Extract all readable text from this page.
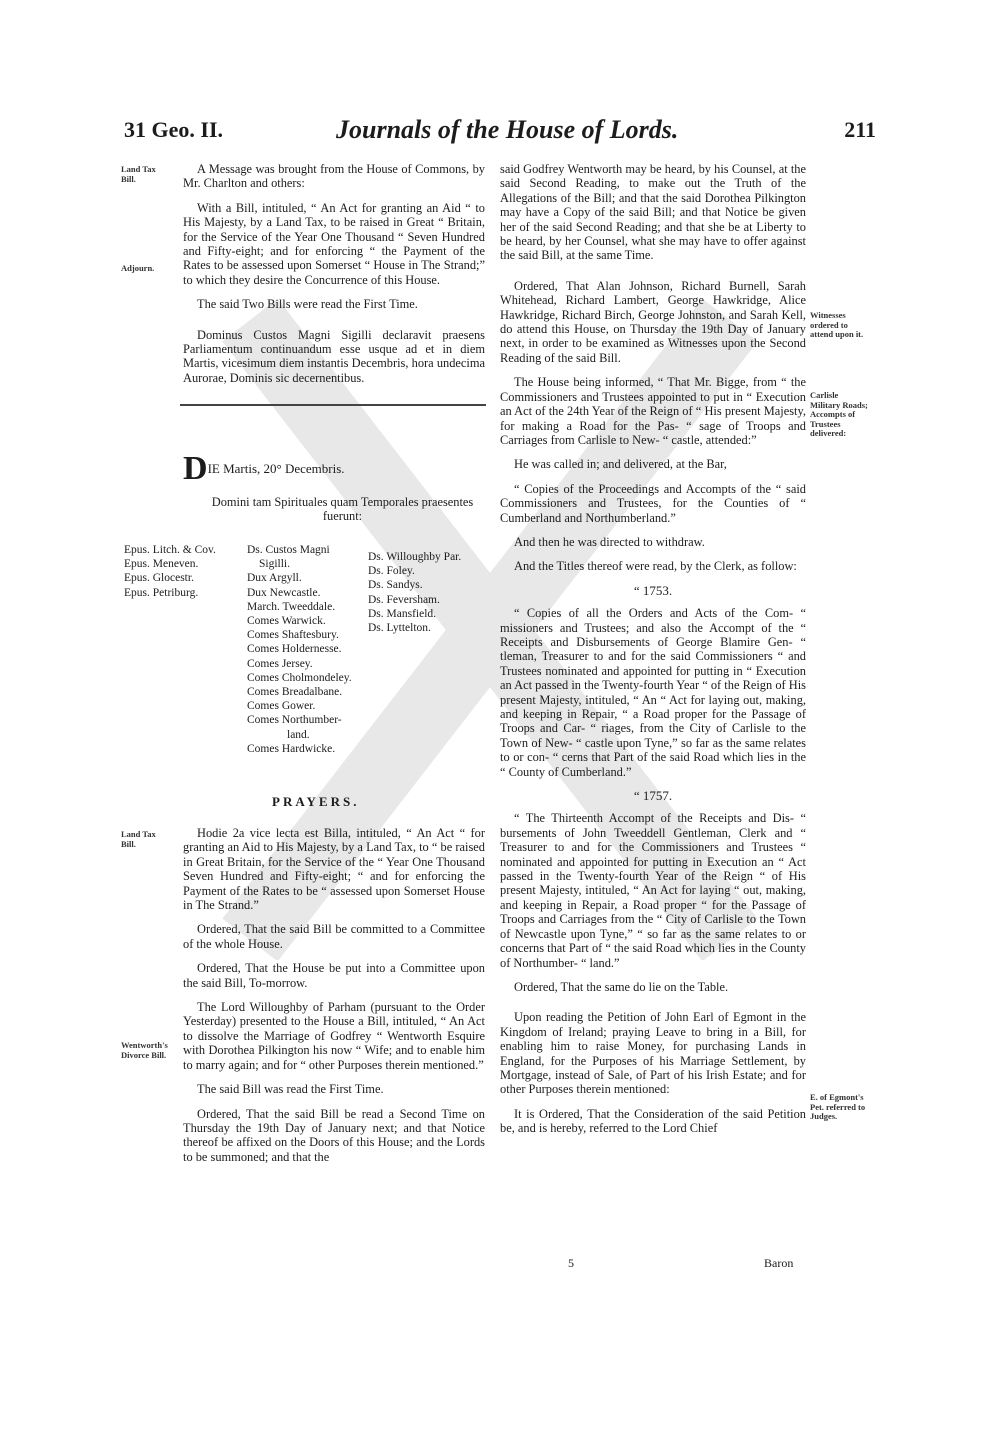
31 Geo. II.	Journals of the House of Lords.	211
Land Tax Bill.
Adjourn.
Land Tax Bill.
Wentworth's Divorce Bill.
Witnesses ordered to attend upon it.
Carlisle Military Roads; Accompts of Trustees delivered:
E. of Egmont's Pet. referred to Judges.

A Message was brought from the House of Commons, by Mr. Charlton and others:

With a Bill, intituled, “ An Act for granting an Aid “ to His Majesty, by a Land Tax, to be raised in Great “ Britain, for the Service of the Year One Thousand “ Seven Hundred and Fifty-eight; and for enforcing “ the Payment of the Rates to be assessed upon Somerset “ House in The Strand;” to which they desire the Concurrence of this House.

The said Two Bills were read the First Time.

Dominus Custos Magni Sigilli declaravit praesens Parliamentum continuandum esse usque ad et in diem Martis, vicesimum diem instantis Decembris, hora undecima Aurorae, Dominis sic decernentibus.

DIE Martis, 20° Decembris.

Domini tam Spirituales quam Temporales praesentes fuerunt:

Epus. Litch. & Cov.
Epus. Meneven.
Epus. Glocestr.
Epus. Petriburg.
Ds. Custos Magni
Sigilli.
Dux Argyll.
Dux Newcastle.
March. Tweeddale.
Comes Warwick.
Comes Shaftesbury.
Comes Holdernesse.
Comes Jersey.
Comes Cholmondeley.
Comes Breadalbane.
Comes Gower.
Comes Northumber-
land.
Comes Hardwicke.
Ds. Willoughby Par.
Ds. Foley.
Ds. Sandys.
Ds. Feversham.
Ds. Mansfield.
Ds. Lyttelton.
PRAYERS.

Hodie 2a vice lecta est Billa, intituled, “ An Act “ for granting an Aid to His Majesty, by a Land Tax, to “ be raised in Great Britain, for the Service of the “ Year One Thousand Seven Hundred and Fifty-eight; “ and for enforcing the Payment of the Rates to be “ assessed upon Somerset House in The Strand.”

Ordered, That the said Bill be committed to a Committee of the whole House.

Ordered, That the House be put into a Committee upon the said Bill, To-morrow.

The Lord Willoughby of Parham (pursuant to the Order Yesterday) presented to the House a Bill, intituled, “ An Act to dissolve the Marriage of Godfrey “ Wentworth Esquire with Dorothea Pilkington his now “ Wife; and to enable him to marry again; and for “ other Purposes therein mentioned.”

The said Bill was read the First Time.

Ordered, That the said Bill be read a Second Time on Thursday the 19th Day of January next; and that Notice thereof be affixed on the Doors of this House; and the Lords to be summoned; and that the

said Godfrey Wentworth may be heard, by his Counsel, at the said Second Reading, to make out the Truth of the Allegations of the Bill; and that the said Dorothea Pilkington may have a Copy of the said Bill; and that Notice be given her of the said Second Reading; and that she be at Liberty to be heard, by her Counsel, what she may have to offer against the said Bill, at the same Time.

Ordered, That Alan Johnson, Richard Burnell, Sarah Whitehead, Richard Lambert, George Hawkridge, Alice Hawkridge, Richard Birch, George Johnston, and Sarah Kell, do attend this House, on Thursday the 19th Day of January next, in order to be examined as Witnesses upon the Second Reading of the said Bill.

The House being informed, “ That Mr. Bigge, from “ the Commissioners and Trustees appointed to put in “ Execution an Act of the 24th Year of the Reign of “ His present Majesty, for making a Road for the Pas- “ sage of Troops and Carriages from Carlisle to New- “ castle, attended:”

He was called in; and delivered, at the Bar,

“ Copies of the Proceedings and Accompts of the “ said Commissioners and Trustees, for the Counties of “ Cumberland and Northumberland.”

And then he was directed to withdraw.

And the Titles thereof were read, by the Clerk, as follow:

“ 1753.

“ Copies of all the Orders and Acts of the Com- “ missioners and Trustees; and also the Accompt of the “ Receipts and Disbursements of George Blamire Gen- “ tleman, Treasurer to and for the said Commissioners “ and Trustees nominated and appointed for putting in “ Execution an Act passed in the Twenty-fourth Year “ of the Reign of His present Majesty, intituled, “ An “ Act for laying out, making, and keeping in Repair, “ a Road proper for the Passage of Troops and Car- “ riages, from the City of Carlisle to the Town of New- “ castle upon Tyne,” so far as the same relates to or con- “ cerns that Part of the said Road which lies in the “ County of Cumberland.”

“ 1757.

“ The Thirteenth Accompt of the Receipts and Dis- “ bursements of John Tweeddell Gentleman, Clerk and “ Treasurer to and for the Commissioners and Trustees “ nominated and appointed for putting in Execution an “ Act passed in the Twenty-fourth Year of the Reign “ of His present Majesty, intituled, “ An Act for laying “ out, making, and keeping in Repair, a Road proper “ for the Passage of Troops and Carriages from the “ City of Carlisle to the Town of Newcastle upon Tyne,” “ so far as the same relates to or concerns that Part of “ the said Road which lies in the County of Northumber- “ land.”

Ordered, That the same do lie on the Table.

Upon reading the Petition of John Earl of Egmont in the Kingdom of Ireland; praying Leave to bring in a Bill, for enabling him to raise Money, for purchasing Lands in England, for the Purposes of his Marriage Settlement, by Mortgage, instead of Sale, of Part of his Irish Estate; and for other Purposes therein mentioned:

It is Ordered, That the Consideration of the said Petition be, and is hereby, referred to the Lord Chief

5	Baron
